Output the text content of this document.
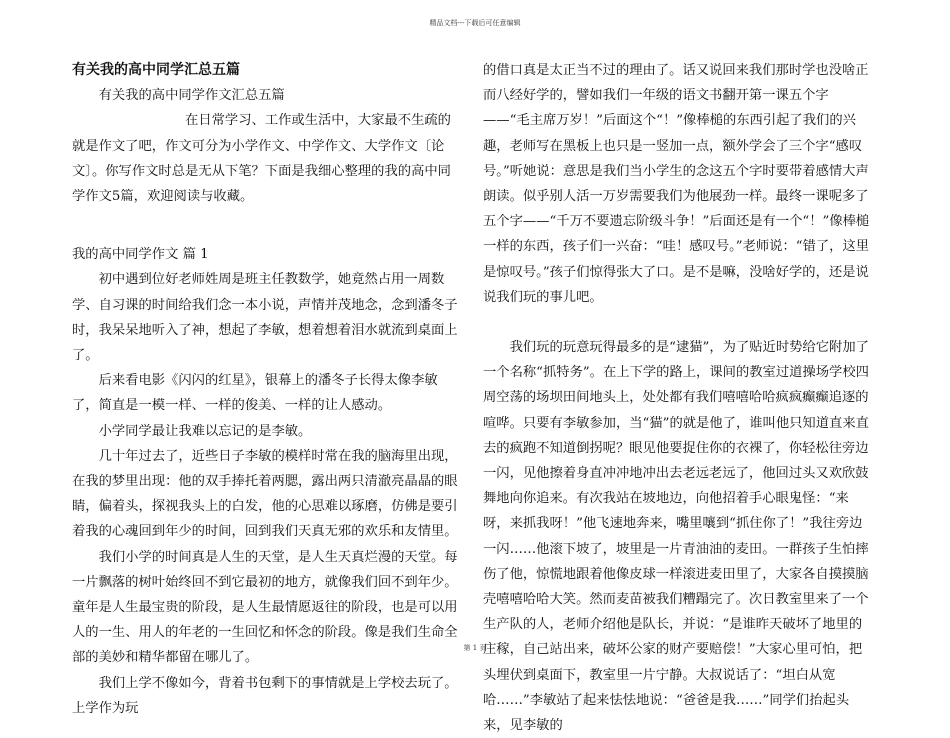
精品文档---下载后可任意编辑

有关我的高中同学汇总五篇

有关我的高中同学作文汇总五篇

在日常学习、工作或生活中，大家最不生疏的就是作文了吧，作文可分为小学作文、中学作文、大学作文〔论文〕。你写作文时总是无从下笔？下面是我细心整理的我的高中同学作文5篇，欢迎阅读与收藏。

我的高中同学作文 篇 1

初中遇到位好老师姓周是班主任教数学，她竟然占用一周数学、自习课的时间给我们念一本小说，声情并茂地念，念到潘冬子时，我呆呆地听入了神，想起了李敏，想着想着泪水就流到桌面上了。

后来看电影《闪闪的红星》，银幕上的潘冬子长得太像李敏了，简直是一模一样、一样的俊美、一样的让人感动。

小学同学最让我难以忘记的是李敏。

几十年过去了，近些日子李敏的模样时常在我的脑海里出现，在我的梦里出现：他的双手捧托着两腮，露出两只清澈亮晶晶的眼睛，偏着头，探视我头上的白发，他的心思难以琢磨，仿佛是要引着我的心魂回到年少的时间，回到我们天真无邪的欢乐和友情里。

我们小学的时间真是人生的天堂，是人生天真烂漫的天堂。每一片飘落的树叶始终回不到它最初的地方，就像我们回不到年少。童年是人生最宝贵的阶段，是人生最情愿返往的阶段，也是可以用人的一生、用人的年老的一生回忆和怀念的阶段。像是我们生命全部的美妙和精华都留在哪儿了。

我们上学不像如今，背着书包剩下的事情就是上学校去玩了。上学作为玩

的借口真是太正当不过的理由了。话又说回来我们那时学也没啥正而八经好学的，譬如我们一年级的语文书翻开第一课五个字——“毛主席万岁！”后面这个“！”像棒槌的东西引起了我们的兴趣，老师写在黑板上也只是一竖加一点，额外学会了三个字“感叹号。”听她说：意思是我们当小学生的念这五个字时要带着感情大声朗读。似乎别人活一万岁需要我们为他展劲一样。最终一课呢多了五个字——“千万不要遗忘阶级斗争！”后面还是有一个“！”像棒槌一样的东西，孩子们一兴奋：“哇！感叹号。”老师说：“错了，这里是惊叹号。”孩子们惊得张大了口。是不是嘛，没啥好学的，还是说说我们玩的事儿吧。

我们玩的玩意玩得最多的是“逮猫”，为了贴近时势给它附加了一个名称“抓特务”。在上下学的路上，课间的教室过道操场学校四周空荡的场坝田间地头上，处处都有我们嘻嘻哈哈疯疯癫癫追逐的喧哗。只要有李敏参加，当“猫”的就是他了，谁叫他只知道直来直去的疯跑不知道倒拐呢？眼见他要捉住你的衣裸了，你轻松往旁边一闪，见他擦着身直冲冲地冲出去老远老远了，他回过头又欢欣鼓舞地向你追来。有次我站在坡地边，向他招着手心眼鬼怪：“来呀，来抓我呀！”他飞速地奔来，嘴里嚷到“抓住你了！”我往旁边一闪……他滚下坡了，坡里是一片青油油的麦田。一群孩子生怕摔伤了他，惊慌地跟着他像皮球一样滚进麦田里了，大家各自摸摸脑壳嘻嘻哈哈大笑。然而麦苗被我们糟蹋完了。次日教室里来了一个生产队的人，老师介绍他是队长，并说：“是谁昨天破坏了地里的庄稼，自己站出来，破坏公家的财产要赔偿！”大家心里可怕，把头埋伏到桌面下，教室里一片宁静。大叔说话了：“坦白从宽哈……”李敏站了起来怯怯地说：“爸爸是我……”同学们抬起头来，见李敏的

第 1 页
